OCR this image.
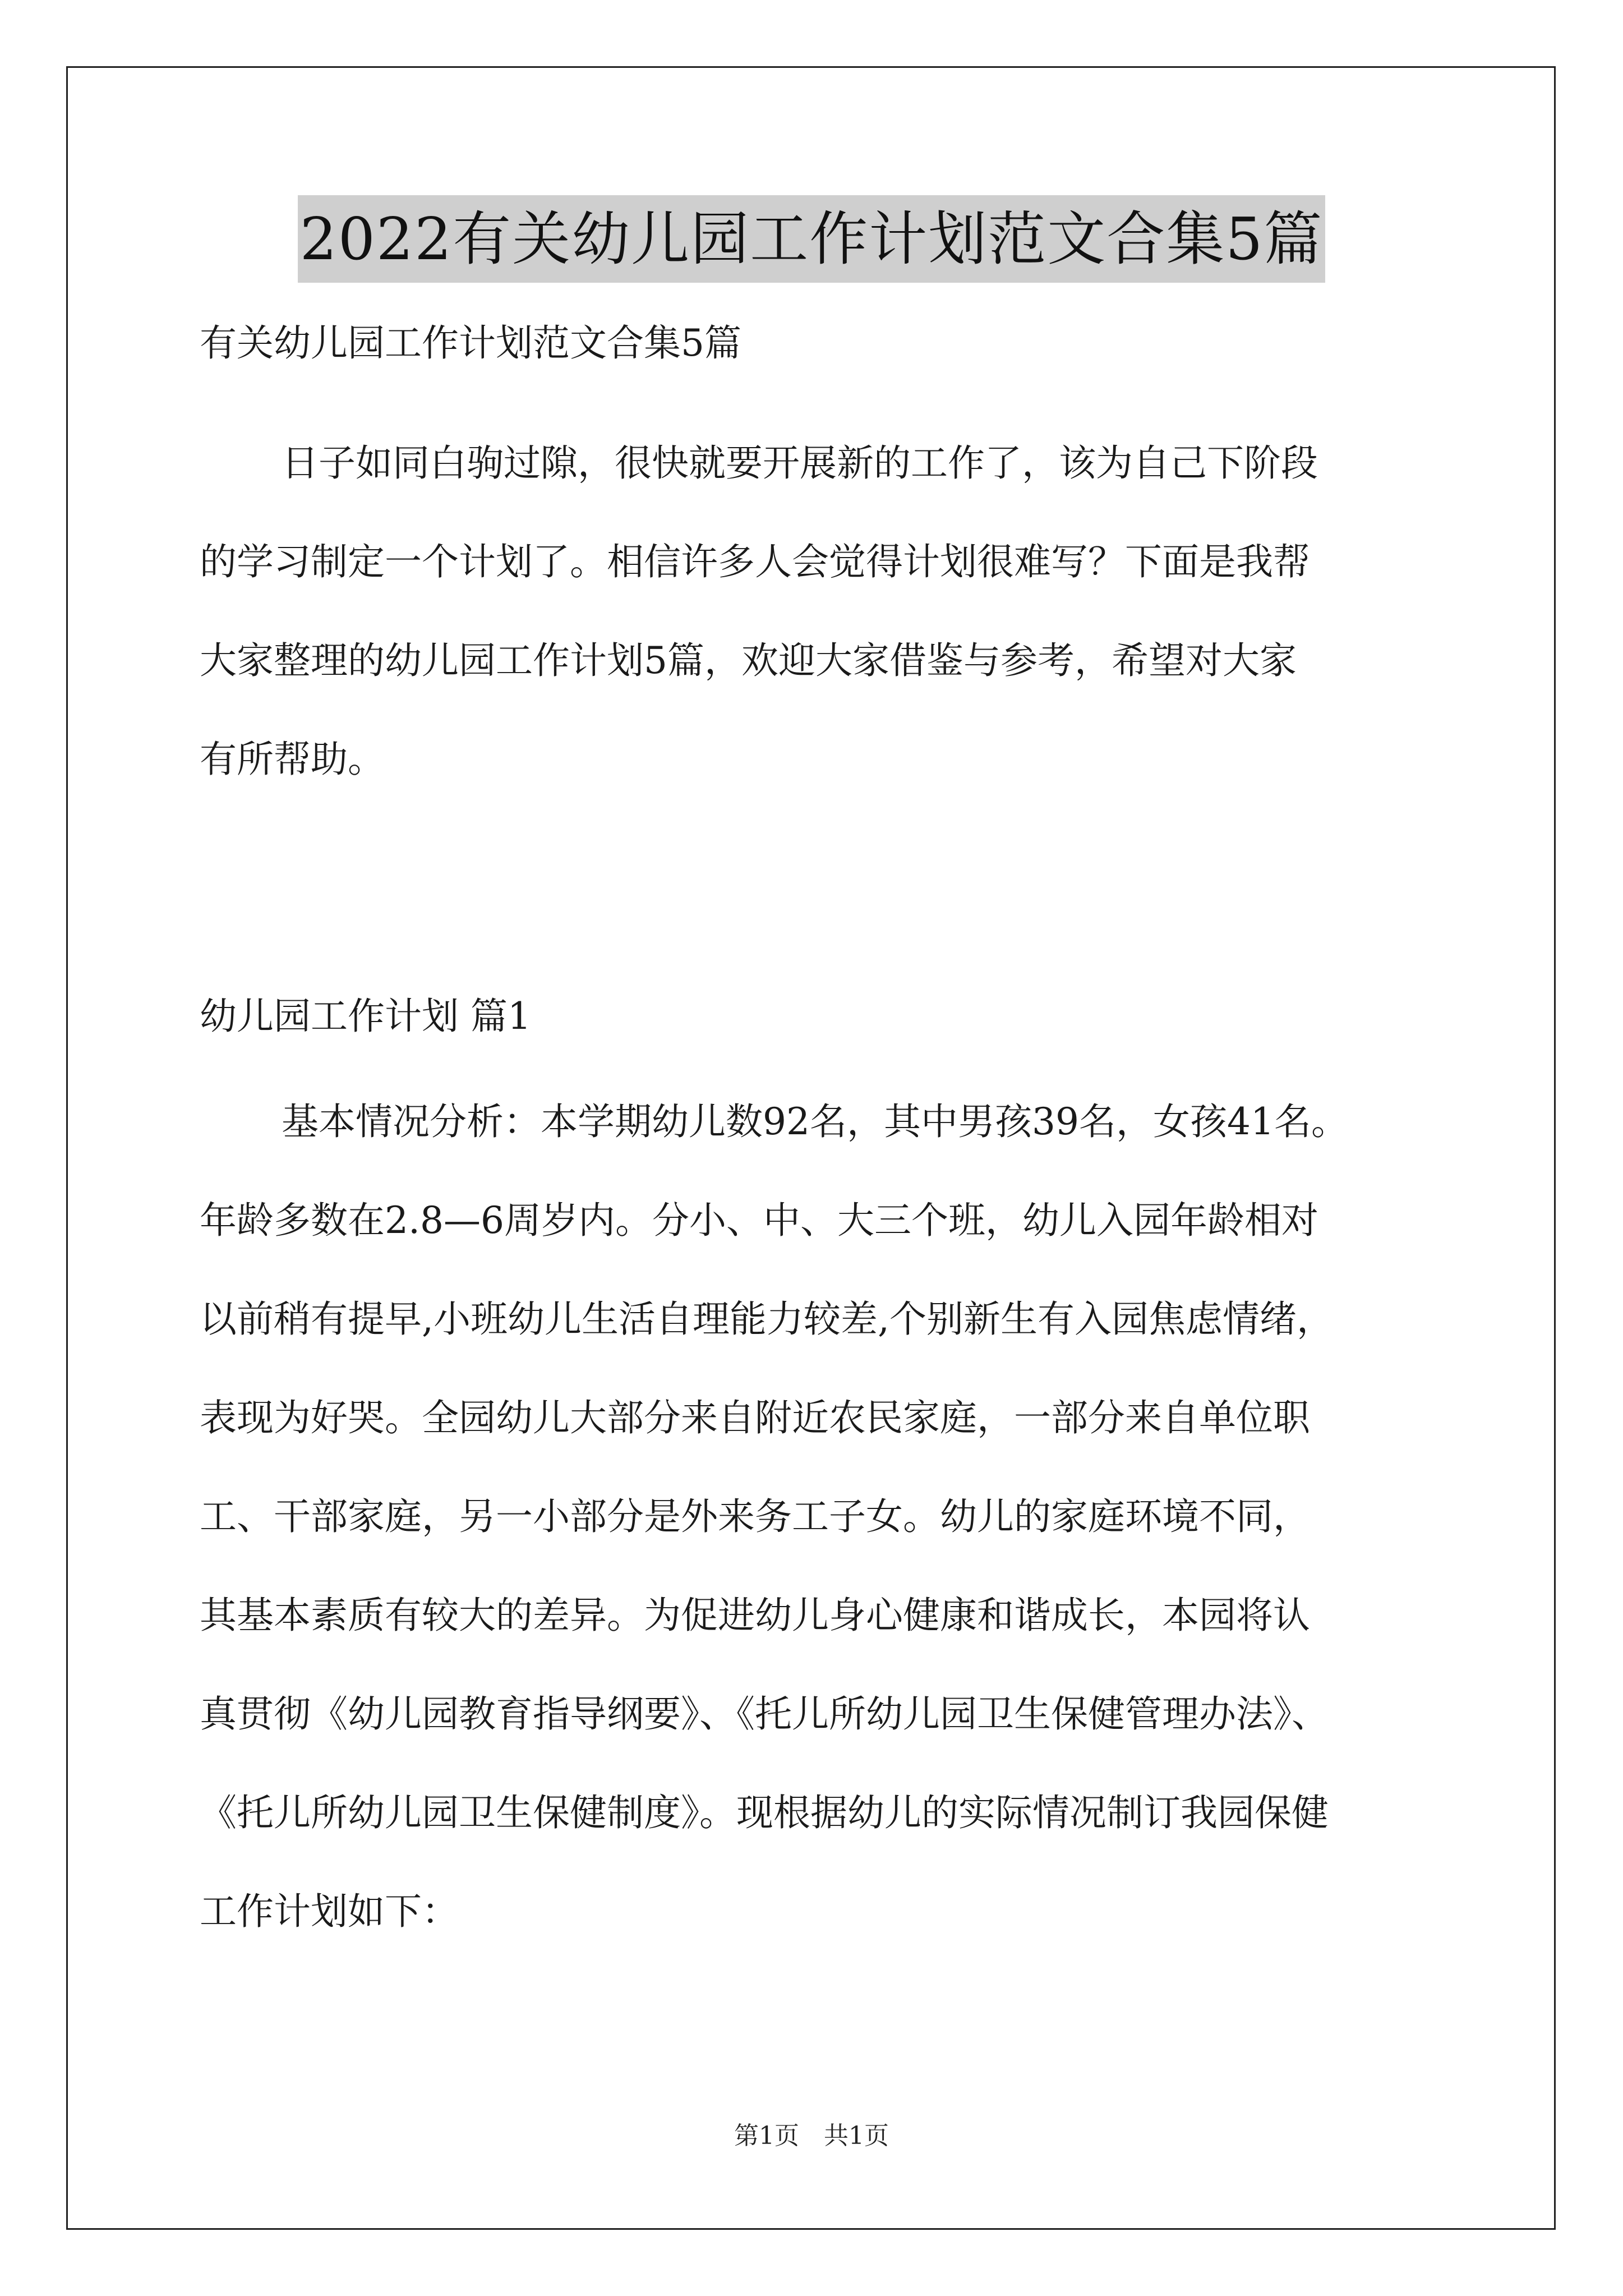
2022有关幼儿园工作计划范文合集5篇
有关幼儿园工作计划范文合集5篇
日子如同白驹过隙，很快就要开展新的工作了，该为自己下阶段
的学习制定一个计划了。相信许多人会觉得计划很难写？下面是我帮
大家整理的幼儿园工作计划5篇，欢迎大家借鉴与参考，希望对大家
有所帮助。
幼儿园工作计划 篇1
基本情况分析：本学期幼儿数92名，其中男孩39名，女孩41名。
年龄多数在2.8—6周岁内。分小、中、大三个班，幼儿入园年龄相对
以前稍有提早,小班幼儿生活自理能力较差,个别新生有入园焦虑情绪，
表现为好哭。全园幼儿大部分来自附近农民家庭，一部分来自单位职
工、干部家庭，另一小部分是外来务工子女。幼儿的家庭环境不同，
其基本素质有较大的差异。为促进幼儿身心健康和谐成长，本园将认
真贯彻《幼儿园教育指导纲要》、《托儿所幼儿园卫生保健管理办法》、
《托儿所幼儿园卫生保健制度》。现根据幼儿的实际情况制订我园保健
工作计划如下：
第1页 共1页
